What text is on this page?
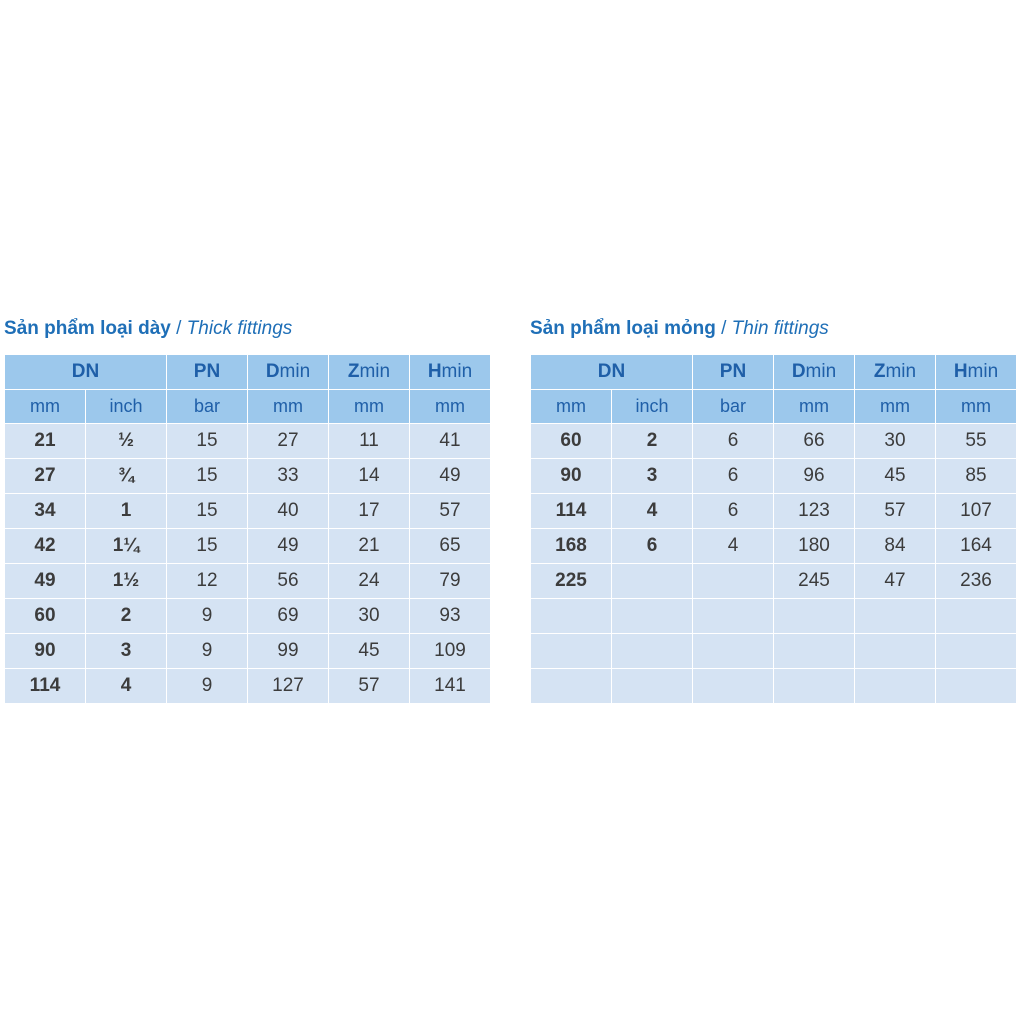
Sản phẩm loại dày / Thick fittings
DN		PN	Dmin	Zmin	Hmin
mm	inch	bar	mm	mm	mm
21	½	15	27	11	41
27	¾	15	33	14	49
34	1	15	40	17	57
42	1¼	15	49	21	65
49	1½	12	56	24	79
60	2	9	69	30	93
90	3	9	99	45	109
114	4	9	127	57	141
Sản phẩm loại mỏng / Thin fittings
DN		PN	Dmin	Zmin	Hmin
mm	inch	bar	mm	mm	mm
60	2	6	66	30	55
90	3	6	96	45	85
114	4	6	123	57	107
168	6	4	180	84	164
225			245	47	236
